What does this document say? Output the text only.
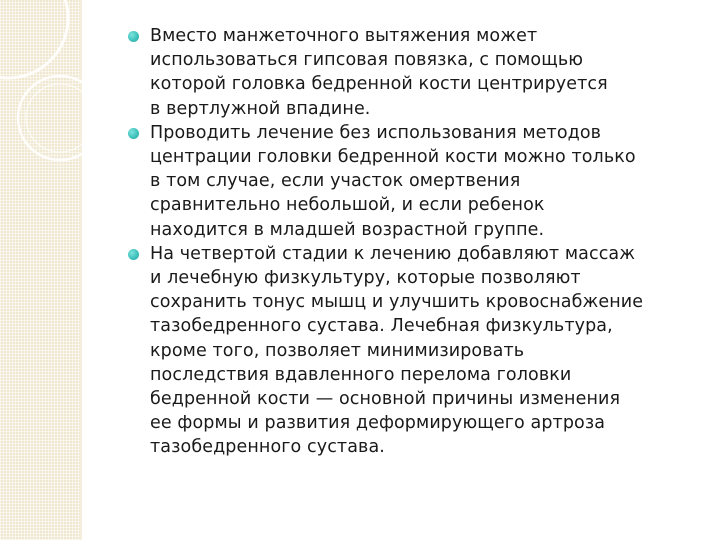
Вместо манжеточного вытяжения может
использоваться гипсовая повязка, с помощью
которой головка бедренной кости центрируется
в вертлужной впадине.
Проводить лечение без использования методов
центрации головки бедренной кости можно только
в том случае, если участок омертвения
сравнительно небольшой, и если ребенок
находится в младшей возрастной группе.
На четвертой стадии к лечению добавляют массаж
и лечебную физкультуру, которые позволяют
сохранить тонус мышц и улучшить кровоснабжение
тазобедренного сустава. Лечебная физкультура,
кроме того, позволяет минимизировать
последствия вдавленного перелома головки
бедренной кости — основной причины изменения
ее формы и развития деформирующего артроза
тазобедренного сустава.
